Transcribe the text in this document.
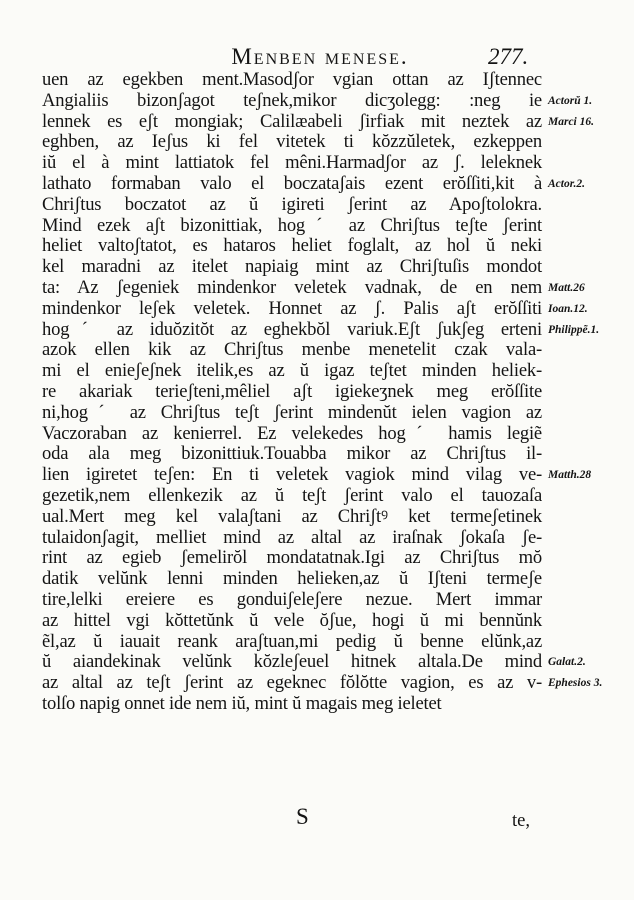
Menben menese.	277.
uen az egekben ment.Masodʃor vgian ottan az Iʃtennec
Angialiis bizonʃagot teʃnek,mikor dicʒolegg: :neg ie
lennek es eʃt mongiak; Calilæabeli ʃirfiak mit neztek az
eghben, az Ieʃus ki fel vitetek ti kŏzzŭletek, ezkeppen
iŭ el à mint lattiatok fel mêni.Harmadʃor az ʃ. leleknek
lathato formaban valo el boczataʃais ezent erŏſſiti,kit à
Chriʃtus boczatot az ŭ igireti ʃerint az Apoʃtolokra.
Mind ezek aʃt bizonittiak, hogˊ az Chriʃtus teʃte ʃerint
heliet valtoʃtatot, es hataros heliet foglalt, az hol ŭ neki
kel maradni az itelet napiaig mint az Chriʃtuſis mondot
ta: Az ʃegeniek mindenkor veletek vadnak, de en nem
mindenkor leʃek veletek. Honnet az ʃ. Palis aʃt erŏſſiti
hogˊ az iduŏzitŏt az eghekbŏl variuk.Eʃt ʃukʃeg erteni
azok ellen kik az Chriʃtus menbe menetelit czak vala-
mi el enieʃeʃnek itelik,es az ŭ igaz teʃtet minden heliek-
re akariak terieʃteni,mêliel aʃt igiekeʒnek meg erŏſſite
ni,hogˊ az Chriʃtus teʃt ʃerint mindenŭt ielen vagion az
Vaczoraban az kenierrel. Ez velekedes hogˊ hamis legiẽ
oda ala meg bizonittiuk.Touabba mikor az Chriʃtus il-
lien igiretet teʃen: En ti veletek vagiok mind vilag ve-
gezetik,nem ellenkezik az ŭ teʃt ʃerint valo el tauozaſa
ual.Mert meg kel valaʃtani az Chriʃtꝰ ket termeʃetinek
tulaidonʃagit, melliet mind az altal az iraſnak ʃokaſa ʃe-
rint az egieb ʃemelirŏl mondatatnak.Igi az Chriʃtus mŏ
datik velŭnk lenni minden helieken,az ŭ Iʃteni termeʃe
tire,lelki ereiere es gonduiʃeleʃere nezue. Mert immar
az hittel vgi kŏttetŭnk ŭ vele ŏʃue, hogi ŭ mi bennŭnk
ẽl,az ŭ iauait reank araʃtuan,mi pedig ŭ benne elŭnk,az
ŭ aiandekinak velŭnk kŏzleʃeuel hitnek altala.De mind
az altal az teʃt ʃerint az egeknec fŏlŏtte vagion, es az v-
tolſo napig onnet ide nem iŭ, mint ŭ magais meg ieletet
Actorŭ 1.
Marci 16.
Actor.2.
Matt.26
Ioan.12.
Philippẽ.1.
Matth.28
Galat.2.
Ephesios 3.
S	te,
